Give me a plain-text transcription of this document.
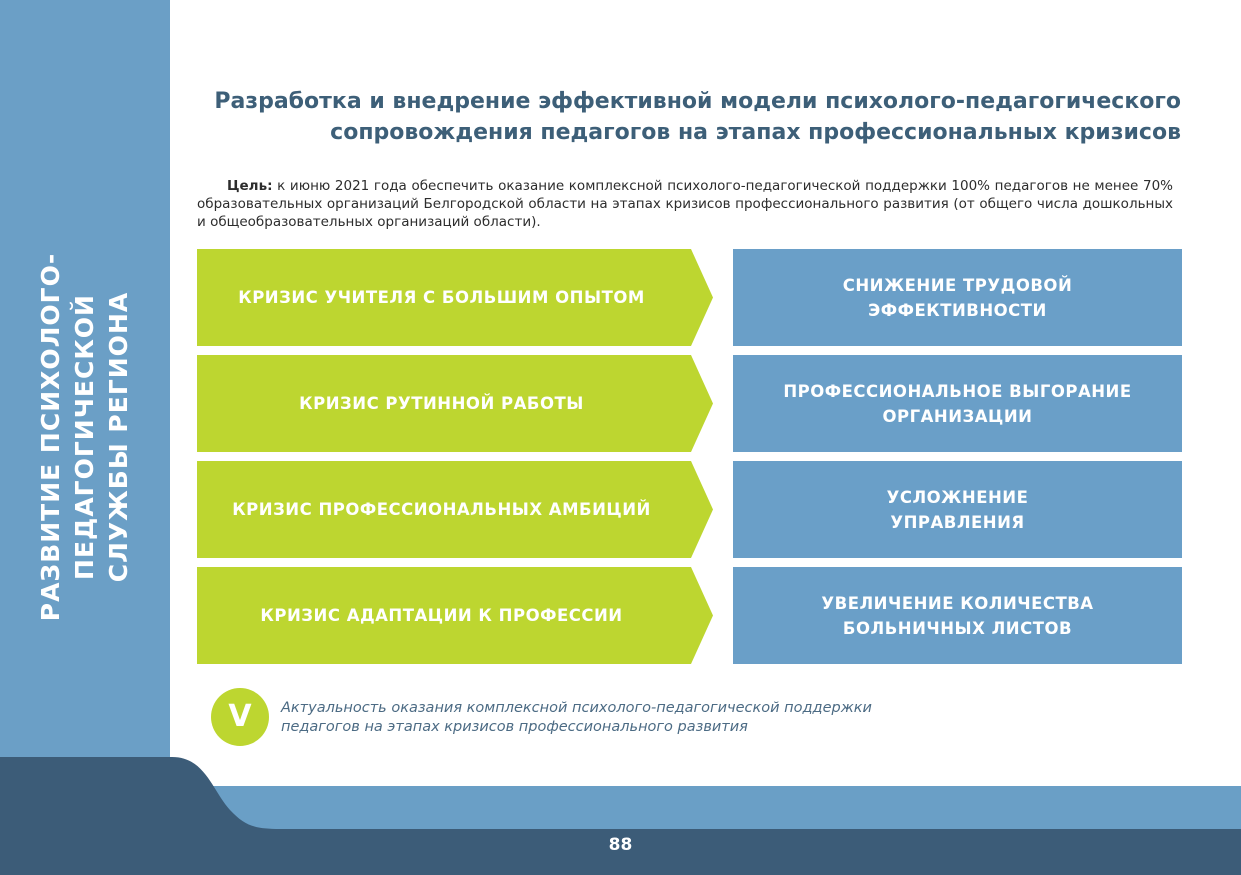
РАЗВИТИЕ ПСИХОЛОГО-ПЕДАГОГИЧЕСКОЙ СЛУЖБЫ РЕГИОНА
88
Разработка и внедрение эффективной модели психолого-педагогического
сопровождения педагогов на этапах профессиональных кризисов
Цель: к июню 2021 года обеспечить оказание комплексной психолого-педагогической поддержки 100% педагогов не менее 70% образовательных организаций Белгородской области на этапах кризисов профессионального развития (от общего числа дошкольных и общеобразовательных организаций области).
КРИЗИС УЧИТЕЛЯ С БОЛЬШИМ ОПЫТОМ
СНИЖЕНИЕ ТРУДОВОЙ
ЭФФЕКТИВНОСТИ
КРИЗИС РУТИННОЙ РАБОТЫ
ПРОФЕССИОНАЛЬНОЕ ВЫГОРАНИЕ
ОРГАНИЗАЦИИ
КРИЗИС ПРОФЕССИОНАЛЬНЫХ АМБИЦИЙ
УСЛОЖНЕНИЕ
УПРАВЛЕНИЯ
КРИЗИС АДАПТАЦИИ К ПРОФЕССИИ
УВЕЛИЧЕНИЕ КОЛИЧЕСТВА
БОЛЬНИЧНЫХ ЛИСТОВ
V	Актуальность оказания комплексной психолого-педагогической поддержки
педагогов на этапах кризисов профессионального развития
